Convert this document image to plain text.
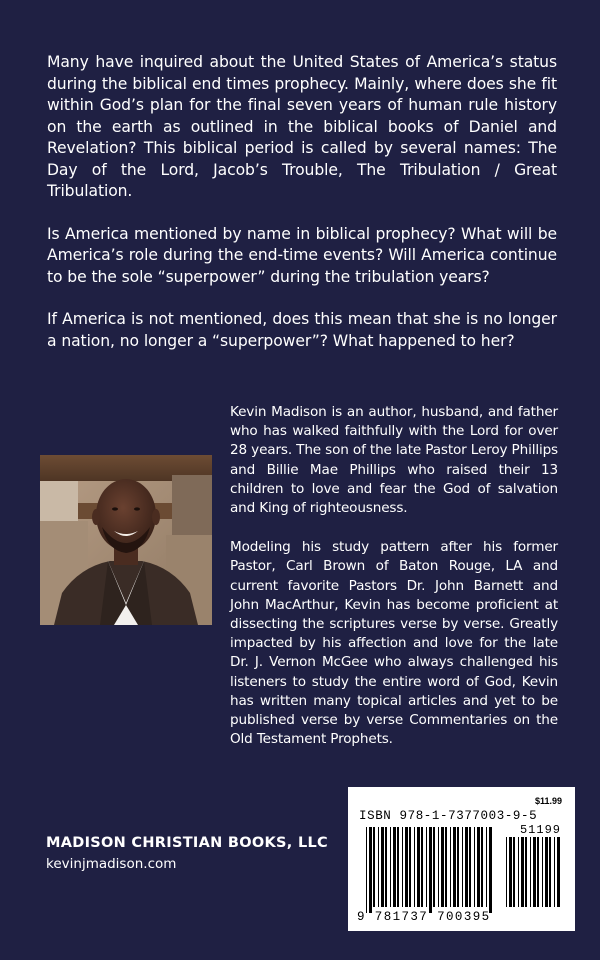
Many have inquired about the United States of America’s status during the biblical end times prophecy. Mainly, where does she fit within God’s plan for the final seven years of human rule history on the earth as outlined in the biblical books of Daniel and Revelation? This biblical period is called by several names: The Day of the Lord, Jacob’s Trouble, The Tribulation / Great Tribulation.

Is America mentioned by name in biblical prophecy? What will be America’s role during the end-time events? Will America continue to be the sole “superpower” during the tribulation years?

If America is not mentioned, does this mean that she is no longer a nation, no longer a “superpower”? What happened to her?

Kevin Madison is an author, husband, and father who has walked faithfully with the Lord for over 28 years. The son of the late Pastor Leroy Phillips and Billie Mae Phillips who raised their 13 children to love and fear the God of salvation and King of righteousness.

Modeling his study pattern after his former Pastor, Carl Brown of Baton Rouge, LA and current favorite Pastors Dr. John Barnett and John MacArthur, Kevin has become proficient at dissecting the scriptures verse by verse. Greatly impacted by his affection and love for the late Dr. J. Vernon McGee who always challenged his listeners to study the entire word of God, Kevin has written many topical articles and yet to be published verse by verse Commentaries on the Old Testament Prophets.

MADISON CHRISTIAN BOOKS, LLC
kevinjmadison.com
$11.99
ISBN 978-1-7377003-9-5
51199
9 781737 700395
